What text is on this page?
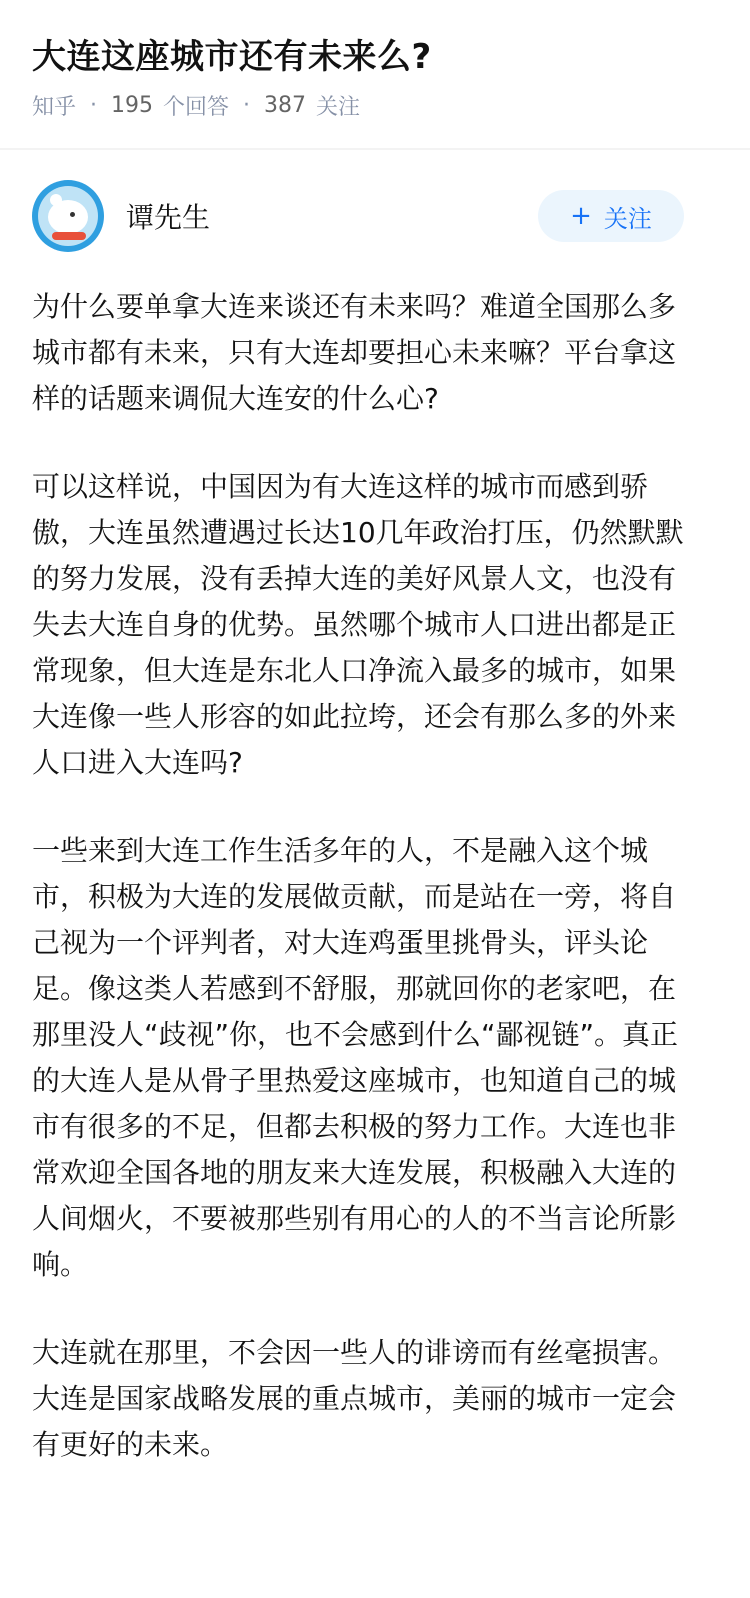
大连这座城市还有未来么?
知乎 · 195 个回答 · 387 关注
谭先生	+ 关注

为什么要单拿大连来谈还有未来吗？难道全国那么多城市都有未来，只有大连却要担心未来嘛？平台拿这样的话题来调侃大连安的什么心?

可以这样说，中国因为有大连这样的城市而感到骄傲，大连虽然遭遇过长达10几年政治打压，仍然默默的努力发展，没有丢掉大连的美好风景人文，也没有失去大连自身的优势。虽然哪个城市人口进出都是正常现象，但大连是东北人口净流入最多的城市，如果大连像一些人形容的如此拉垮，还会有那么多的外来人口进入大连吗?

一些来到大连工作生活多年的人，不是融入这个城市，积极为大连的发展做贡献，而是站在一旁，将自己视为一个评判者，对大连鸡蛋里挑骨头，评头论足。像这类人若感到不舒服，那就回你的老家吧，在那里没人“歧视”你，也不会感到什么“鄙视链”。真正的大连人是从骨子里热爱这座城市，也知道自己的城市有很多的不足，但都去积极的努力工作。大连也非常欢迎全国各地的朋友来大连发展，积极融入大连的人间烟火，不要被那些别有用心的人的不当言论所影响。

大连就在那里，不会因一些人的诽谤而有丝毫损害。大连是国家战略发展的重点城市，美丽的城市一定会有更好的未来。
